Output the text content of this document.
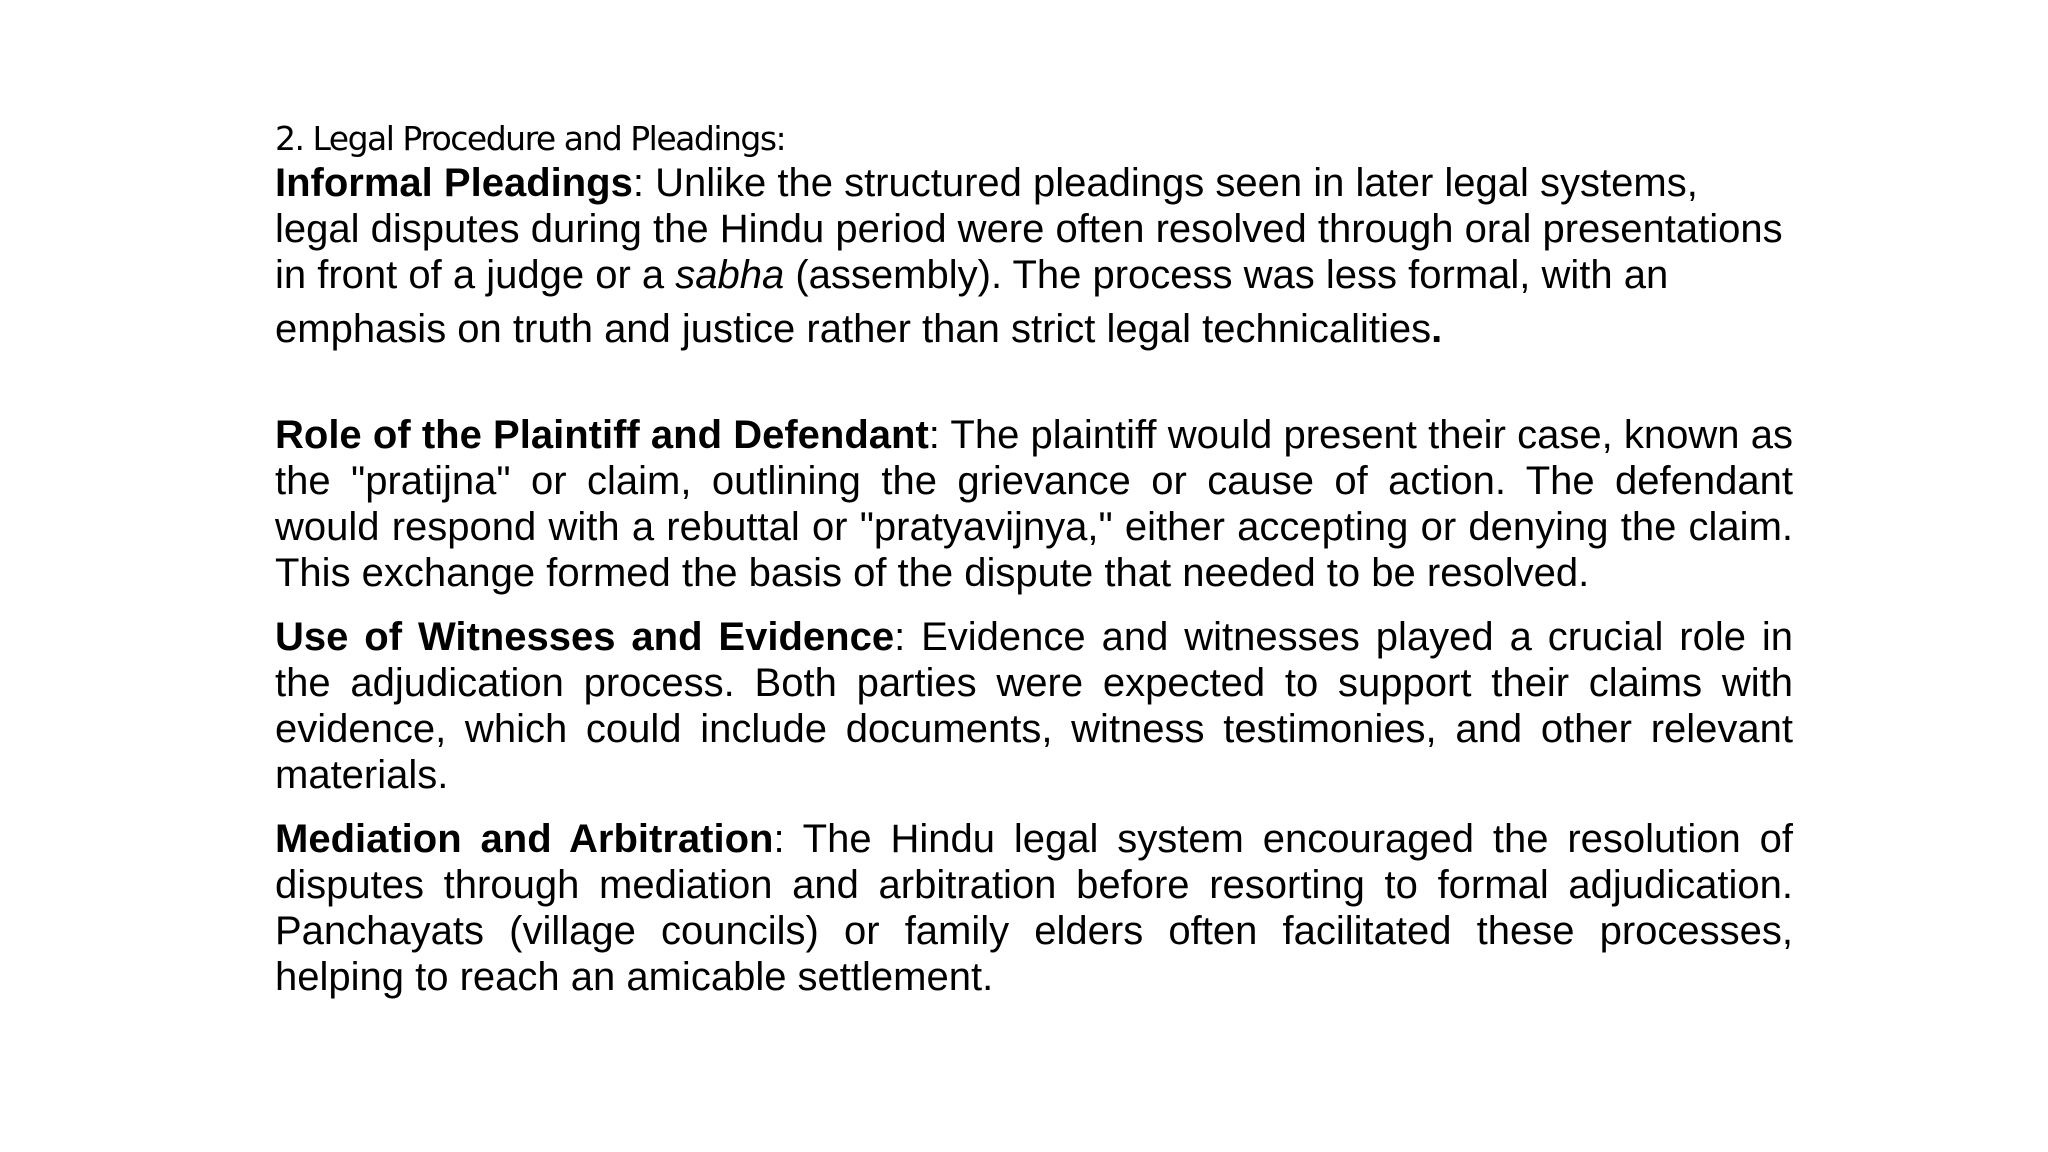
2. Legal Procedure and Pleadings:

Informal Pleadings: Unlike the structured pleadings seen in later legal systems, legal disputes during the Hindu period were often resolved through oral presentations in front of a judge or a sabha (assembly). The process was less formal, with an emphasis on truth and justice rather than strict legal technicalities.

Role of the Plaintiff and Defendant: The plaintiff would present their case, known as the "pratijna" or claim, outlining the grievance or cause of action. The defendant would respond with a rebuttal or "pratyavijnya," either accepting or denying the claim. This exchange formed the basis of the dispute that needed to be resolved.

Use of Witnesses and Evidence: Evidence and witnesses played a crucial role in the adjudication process. Both parties were expected to support their claims with evidence, which could include documents, witness testimonies, and other relevant materials.

Mediation and Arbitration: The Hindu legal system encouraged the resolution of disputes through mediation and arbitration before resorting to formal adjudication. Panchayats (village councils) or family elders often facilitated these processes, helping to reach an amicable settlement.
